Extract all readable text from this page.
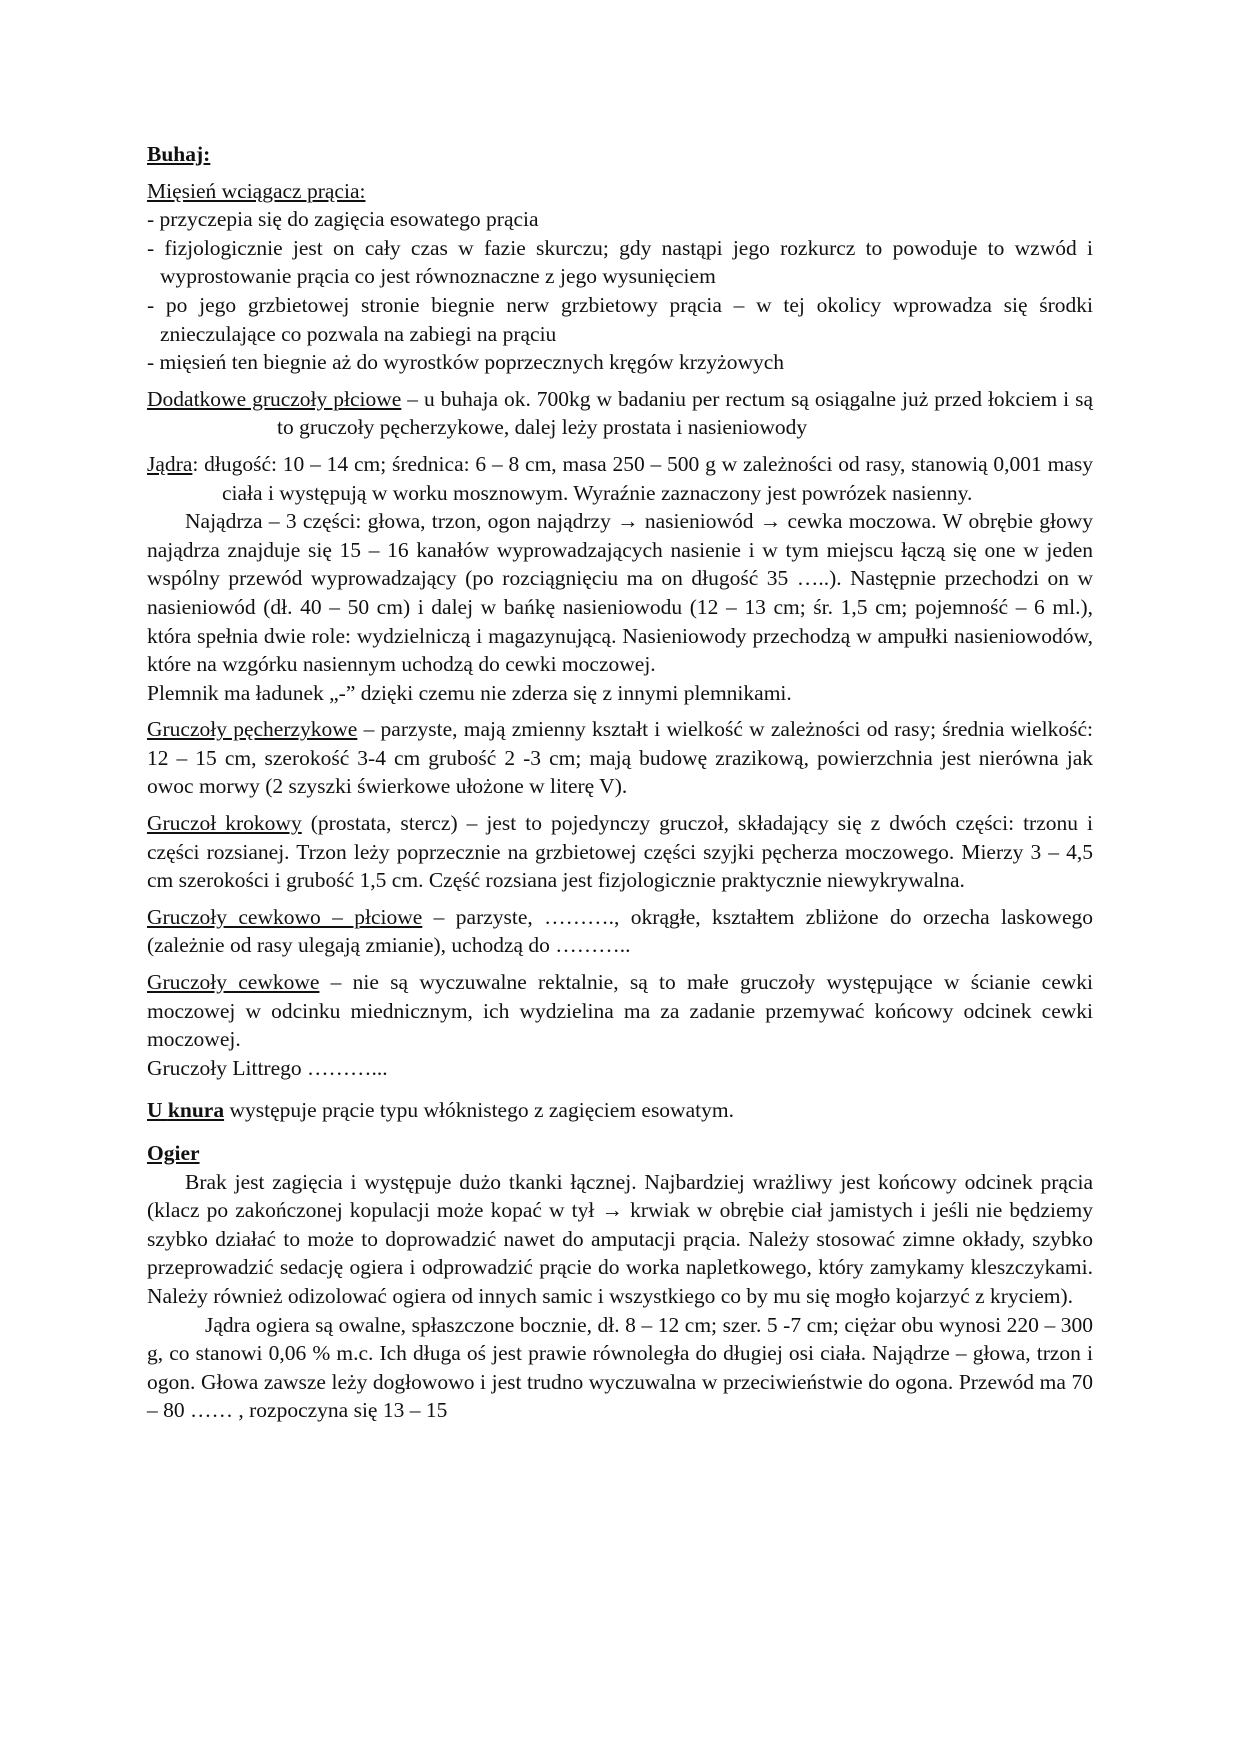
Buhaj:

Mięsień wciągacz prącia:

- przyczepia się do zagięcia esowatego prącia

- fizjologicznie jest on cały czas w fazie skurczu; gdy nastąpi jego rozkurcz to powoduje to wzwód i wyprostowanie prącia co jest równoznaczne z jego wysunięciem

- po jego grzbietowej stronie biegnie nerw grzbietowy prącia – w tej okolicy wprowadza się środki znieczulające co pozwala na zabiegi na prąciu

- mięsień ten biegnie aż do wyrostków poprzecznych kręgów krzyżowych

Dodatkowe gruczoły płciowe – u buhaja ok. 700kg w badaniu per rectum są osiągalne już przed łokciem i są to gruczoły pęcherzykowe, dalej leży prostata i nasieniowody

Jądra: długość: 10 – 14 cm; średnica: 6 – 8 cm, masa 250 – 500 g w zależności od rasy, stanowią 0,001 masy ciała i występują w worku mosznowym. Wyraźnie zaznaczony jest powrózek nasienny.

Najądrza – 3 części: głowa, trzon, ogon najądrzy → nasieniowód → cewka moczowa. W obrębie głowy najądrza znajduje się 15 – 16 kanałów wyprowadzających nasienie i w tym miejscu łączą się one w jeden wspólny przewód wyprowadzający (po rozciągnięciu ma on długość 35 …..). Następnie przechodzi on w nasieniowód (dł. 40 – 50 cm) i dalej w bańkę nasieniowodu (12 – 13 cm; śr. 1,5 cm; pojemność – 6 ml.), która spełnia dwie role: wydzielniczą i magazynującą. Nasieniowody przechodzą w ampułki nasieniowodów, które na wzgórku nasiennym uchodzą do cewki moczowej.

Plemnik ma ładunek „-” dzięki czemu nie zderza się z innymi plemnikami.

Gruczoły pęcherzykowe – parzyste, mają zmienny kształt i wielkość w zależności od rasy; średnia wielkość: 12 – 15 cm, szerokość 3-4 cm grubość 2 -3 cm; mają budowę zrazikową, powierzchnia jest nierówna jak owoc morwy (2 szyszki świerkowe ułożone w literę V).

Gruczoł krokowy (prostata, stercz) – jest to pojedynczy gruczoł, składający się z dwóch części: trzonu i części rozsianej. Trzon leży poprzecznie na grzbietowej części szyjki pęcherza moczowego. Mierzy 3 – 4,5 cm szerokości i grubość 1,5 cm. Część rozsiana jest fizjologicznie praktycznie niewykrywalna.

Gruczoły cewkowo – płciowe – parzyste, ………., okrągłe, kształtem zbliżone do orzecha laskowego (zależnie od rasy ulegają zmianie), uchodzą do ………..

Gruczoły cewkowe – nie są wyczuwalne rektalnie, są to małe gruczoły występujące w ścianie cewki moczowej w odcinku miednicznym, ich wydzielina ma za zadanie przemywać końcowy odcinek cewki moczowej.

Gruczoły Littrego ………...

U knura występuje prącie typu włóknistego z zagięciem esowatym.

Ogier

Brak jest zagięcia i występuje dużo tkanki łącznej. Najbardziej wrażliwy jest końcowy odcinek prącia (klacz po zakończonej kopulacji może kopać w tył → krwiak w obrębie ciał jamistych i jeśli nie będziemy szybko działać to może to doprowadzić nawet do amputacji prącia. Należy stosować zimne okłady, szybko przeprowadzić sedację ogiera i odprowadzić prącie do worka napletkowego, który zamykamy kleszczykami. Należy również odizolować ogiera od innych samic i wszystkiego co by mu się mogło kojarzyć z kryciem).

Jądra ogiera są owalne, spłaszczone bocznie, dł. 8 – 12 cm; szer. 5 -7 cm; ciężar obu wynosi 220 – 300 g, co stanowi 0,06 % m.c. Ich długa oś jest prawie równoległa do długiej osi ciała. Najądrze – głowa, trzon i ogon. Głowa zawsze leży dogłowowo i jest trudno wyczuwalna w przeciwieństwie do ogona. Przewód ma 70 – 80 …… , rozpoczyna się 13 – 15
